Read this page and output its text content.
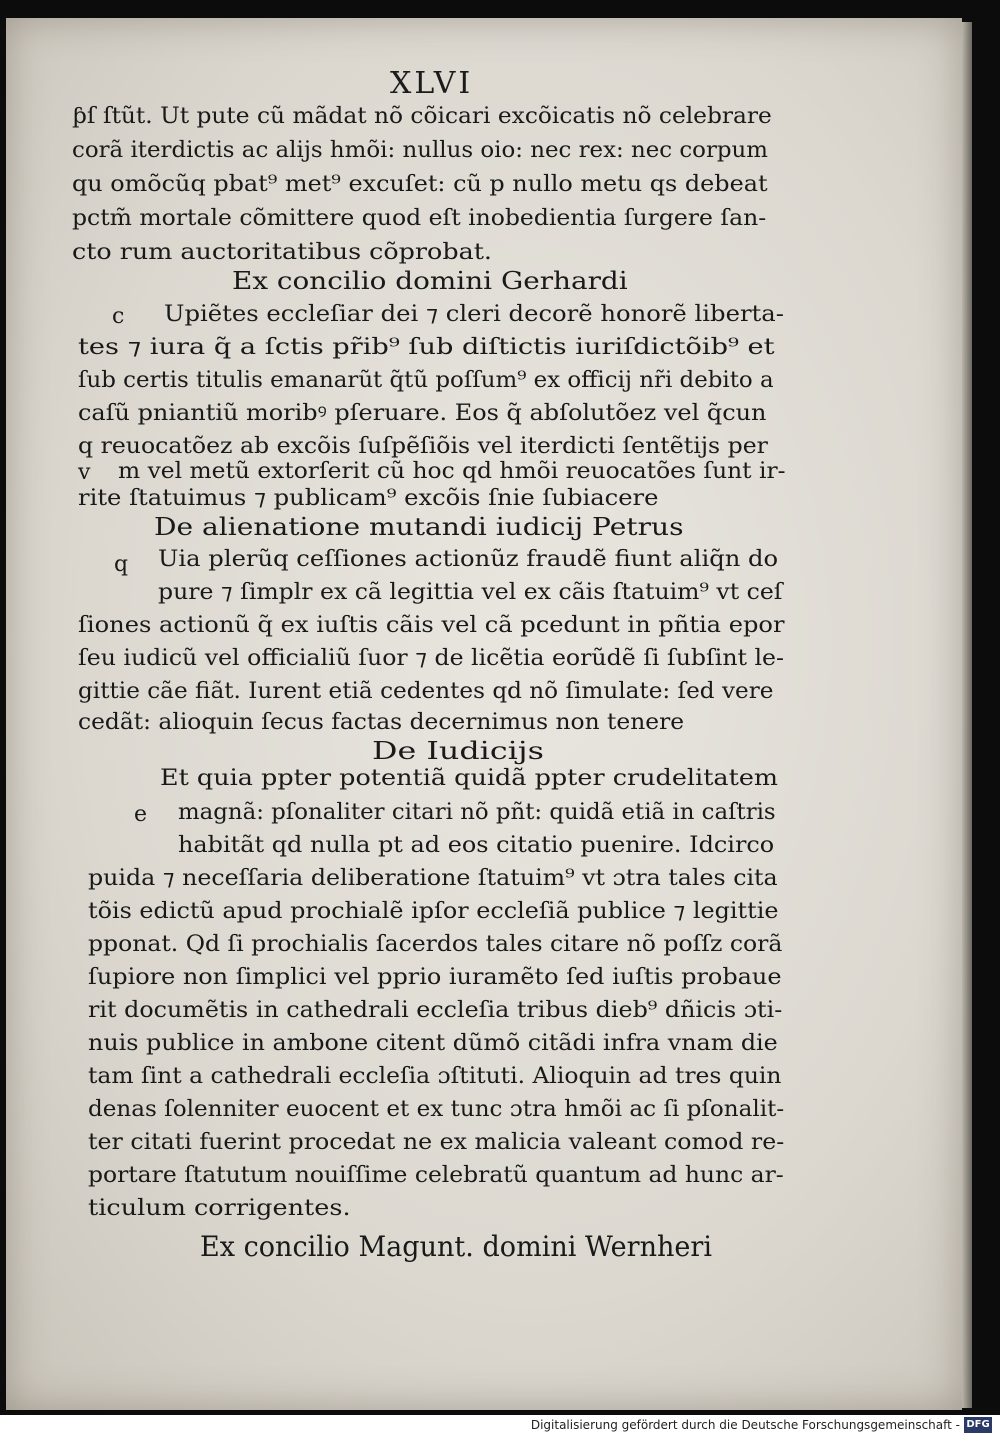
XLVI

ƥſ ſtũt. Ut pute cũ mãdat nõ cõicari excõicatis nõ celebrare

corã iterdictis ac alijs hmõi: nullus oio: nec rex: nec corpum

qu omõcũq pbat⁹ met⁹ excuſet: cũ p nullo metu qs debeat

pctm̃ mortale cõmittere quod eſt inobedientia ſurgere ſan-

cto rum auctoritatibus cõprobat.

Ex concilio domini Gerhardi

c Upiẽtes eccleſiar dei ⁊ cleri decorẽ honorẽ liberta-

tes ⁊ iura q̃ a ſctis pr̃ib⁹ ſub diſtictis iuriſdictõib⁹ et

ſub certis titulis emanarũt q̃tũ poſſum⁹ ex officij nr̃i debito a

caſũ pniantiũ moribꝰ pſeruare. Eos q̃ abſolutõez vel q̃cun

q reuocatõez ab excõis ſuſpẽſiõis vel iterdicti ſentẽtijs per

v m vel metũ extorſerit cũ hoc qd hmõi reuocatões ſunt ir-

rite ſtatuimus ⁊ publicam⁹ excõis ſnie ſubiacere

De alienatione mutandi iudicij Petrus

q Uia plerũq ceſſiones actionũz fraudẽ fiunt aliq̃n do

pure ⁊ ſimplr ex cã legittia vel ex cãis ſtatuim⁹ vt ceſ

ſiones actionũ q̃ ex iuſtis cãis vel cã pcedunt in pñtia epor

ſeu iudicũ vel officialiũ ſuor ⁊ de licẽtia eorũdẽ ſi ſubſint le-

gittie cãe fiãt. Iurent etiã cedentes qd nõ ſimulate: ſed vere

cedãt: alioquin ſecus factas decernimus non tenere

De Iudicijs

Et quia ppter potentiã quidã ppter crudelitatem

e magnã: pſonaliter citari nõ pñt: quidã etiã in caſtris

habitãt qd nulla pt ad eos citatio puenire. Idcirco

puida ⁊ neceſſaria deliberatione ſtatuim⁹ vt ɔtra tales cita

tõis edictũ apud prochialẽ ipſor eccleſiã publice ⁊ legittie

pponat. Qd ſi prochialis ſacerdos tales citare nõ poſſz corã

ſupiore non ſimplici vel pprio iuramẽto ſed iuſtis probaue

rit documẽtis in cathedrali eccleſia tribus dieb⁹ dñicis ɔti-

nuis publice in ambone citent dũmõ citãdi infra vnam die

tam ſint a cathedrali eccleſia ɔſtituti. Alioquin ad tres quin

denas ſolenniter euocent et ex tunc ɔtra hmõi ac ſi pſonalit-

ter citati fuerint procedat ne ex malicia valeant comod re-

portare ſtatutum nouiſſime celebratũ quantum ad hunc ar-

ticulum corrigentes.

Ex concilio Magunt. domini Wernheri

Digitalisierung gefördert durch die Deutsche Forschungsgemeinschaft - DFG
